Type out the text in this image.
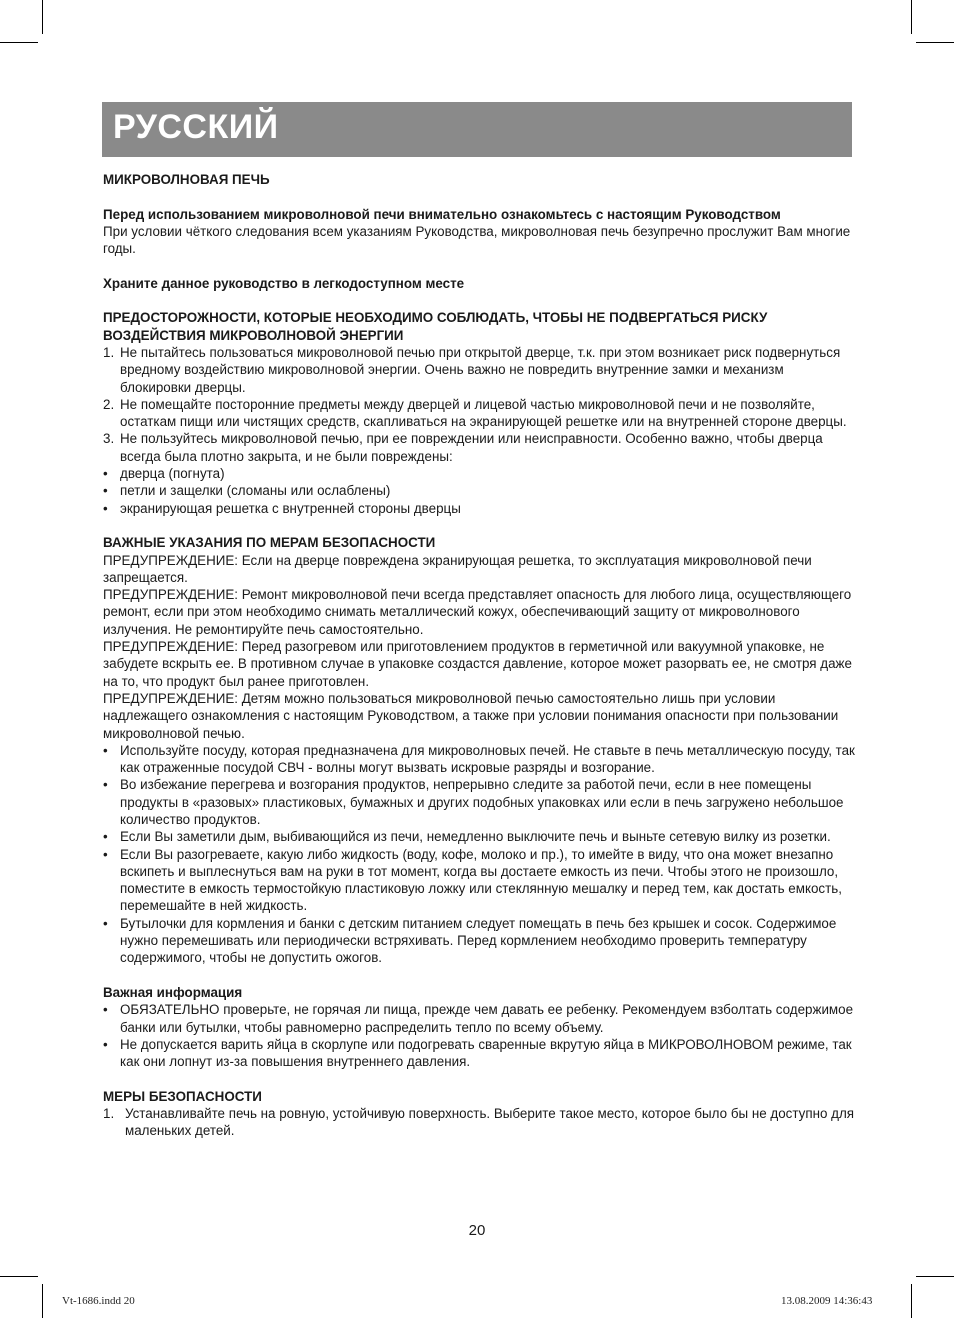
РУССКИЙ

МИКРОВОЛНОВАЯ ПЕЧЬ

Перед использованием микроволновой печи внимательно ознакомьтесь с настоящим Руководством

При условии чёткого следования всем указаниям Руководства, микроволновая печь безупречно прослужит Вам многие годы.

Храните данное руководство в легкодоступном месте

ПРЕДОСТОРОЖНОСТИ, КОТОРЫЕ НЕОБХОДИМО СОБЛЮДАТЬ, ЧТОБЫ НЕ ПОДВЕРГАТЬСЯ РИСКУ ВОЗДЕЙСТВИЯ МИКРОВОЛНОВОЙ ЭНЕРГИИ

1. Не пытайтесь пользоваться микроволновой печью при открытой дверце, т.к. при этом возникает риск подвернуться вредному воздействию микроволновой энергии. Очень важно не повредить внутренние замки и механизм блокировки дверцы.
2. Не помещайте посторонние предметы между дверцей и лицевой частью микроволновой печи и не позволяйте, остаткам пищи или чистящих средств, скапливаться на экранирующей решетке или на внутренней стороне дверцы.
3. Не пользуйтесь микроволновой печью, при ее повреждении или неисправности. Особенно важно, чтобы дверца всегда была плотно закрыта, и не были повреждены:
• дверца (погнута)
• петли и защелки (сломаны или ослаблены)
• экранирующая решетка с внутренней стороны дверцы

ВАЖНЫЕ УКАЗАНИЯ ПО МЕРАМ БЕЗОПАСНОСТИ

ПРЕДУПРЕЖДЕНИЕ: Если на дверце повреждена экранирующая решетка, то эксплуатация микроволновой печи запрещается.

ПРЕДУПРЕЖДЕНИЕ: Ремонт микроволновой печи всегда представляет опасность для любого лица, осуществляющего ремонт, если при этом необходимо снимать металлический кожух, обеспечивающий защиту от микроволнового излучения. Не ремонтируйте печь самостоятельно.

ПРЕДУПРЕЖДЕНИЕ: Перед разогревом или приготовлением продуктов в герметичной или вакуумной упаковке, не забудете вскрыть ее. В противном случае в упаковке создастся давление, которое может разорвать ее, не смотря даже на то, что продукт был ранее приготовлен.

ПРЕДУПРЕЖДЕНИЕ: Детям можно пользоваться микроволновой печью самостоятельно лишь при условии надлежащего ознакомления с настоящим Руководством, а также при условии понимания опасности при пользовании микроволновой печью.

• Используйте посуду, которая предназначена для микроволновых печей. Не ставьте в печь металлическую посуду, так как отраженные посудой СВЧ - волны могут вызвать искровые разряды и возгорание.
• Во избежание перегрева и возгорания продуктов, непрерывно следите за работой печи, если в нее помещены продукты в «разовых» пластиковых, бумажных и других подобных упаковках или если в печь загружено небольшое количество продуктов.
• Если Вы заметили дым, выбивающийся из печи, немедленно выключите печь и выньте сетевую вилку из розетки.
• Если Вы разогреваете, какую либо жидкость (воду, кофе, молоко и пр.), то имейте в виду, что она может внезапно вскипеть и выплеснуться вам на руки в тот момент, когда вы достаете емкость из печи. Чтобы этого не произошло, поместите в емкость термостойкую пластиковую ложку или стеклянную мешалку и перед тем, как достать емкость, перемешайте в ней жидкость.
• Бутылочки для кормления и банки с детским питанием следует помещать в печь без крышек и сосок. Содержимое нужно перемешивать или периодически встряхивать. Перед кормлением необходимо проверить температуру содержимого, чтобы не допустить ожогов.

Важная информация

• ОБЯЗАТЕЛЬНО проверьте, не горячая ли пища, прежде чем давать ее ребенку. Рекомендуем взболтать содержимое банки или бутылки, чтобы равномерно распределить тепло по всему объему.
• Не допускается варить яйца в скорлупе или подогревать сваренные вкрутую яйца в МИКРОВОЛНОВОМ режиме, так как они лопнут из-за повышения внутреннего давления.

МЕРЫ БЕЗОПАСНОСТИ

1. Устанавливайте печь на ровную, устойчивую поверхность. Выберите такое место, которое было бы не доступно для маленьких детей.
20
Vt-1686.indd 20	13.08.2009 14:36:43
